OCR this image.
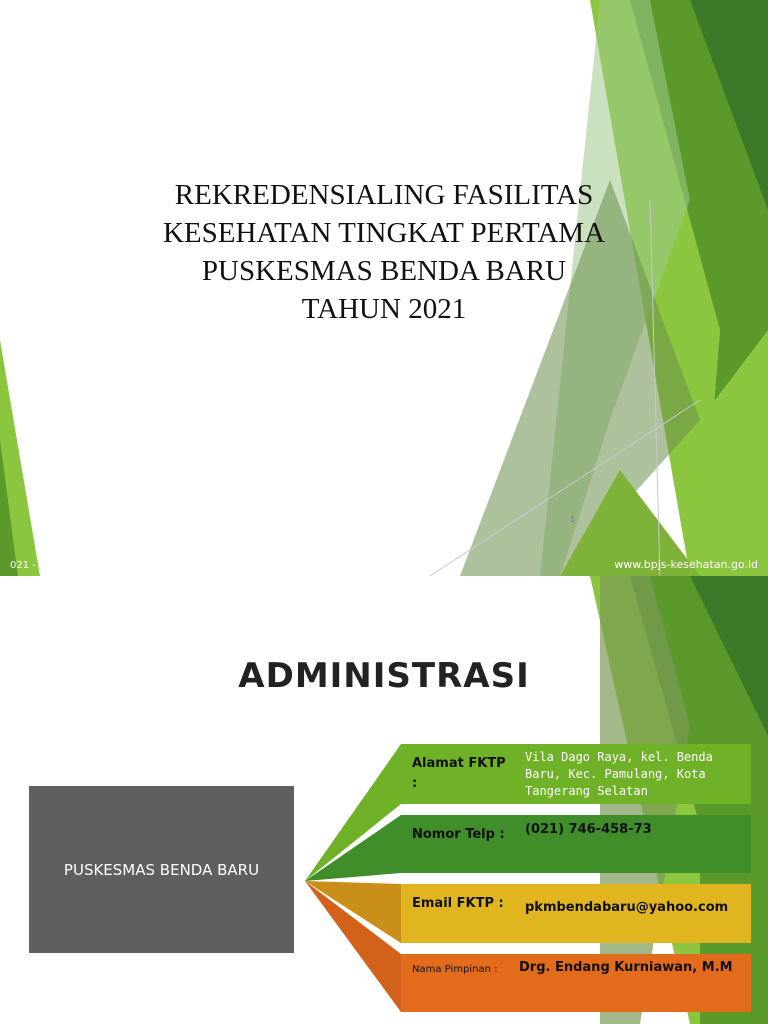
REKREDENSIALING FASILITAS
KESEHATAN TINGKAT PERTAMA
PUSKESMAS BENDA BARU
TAHUN 2021
1
021 -	www.bpjs-kesehatan.go.id
ADMINISTRASI
PUSKESMAS BENDA BARU
Alamat FKTP :
Vila Dago Raya, kel. Benda Baru, Kec. Pamulang, Kota Tangerang Selatan
Nomor Telp :	(021) 746-458-73
Email FKTP :	pkmbendabaru@yahoo.com
Nama Pimpinan :	Drg. Endang Kurniawan, M.M
